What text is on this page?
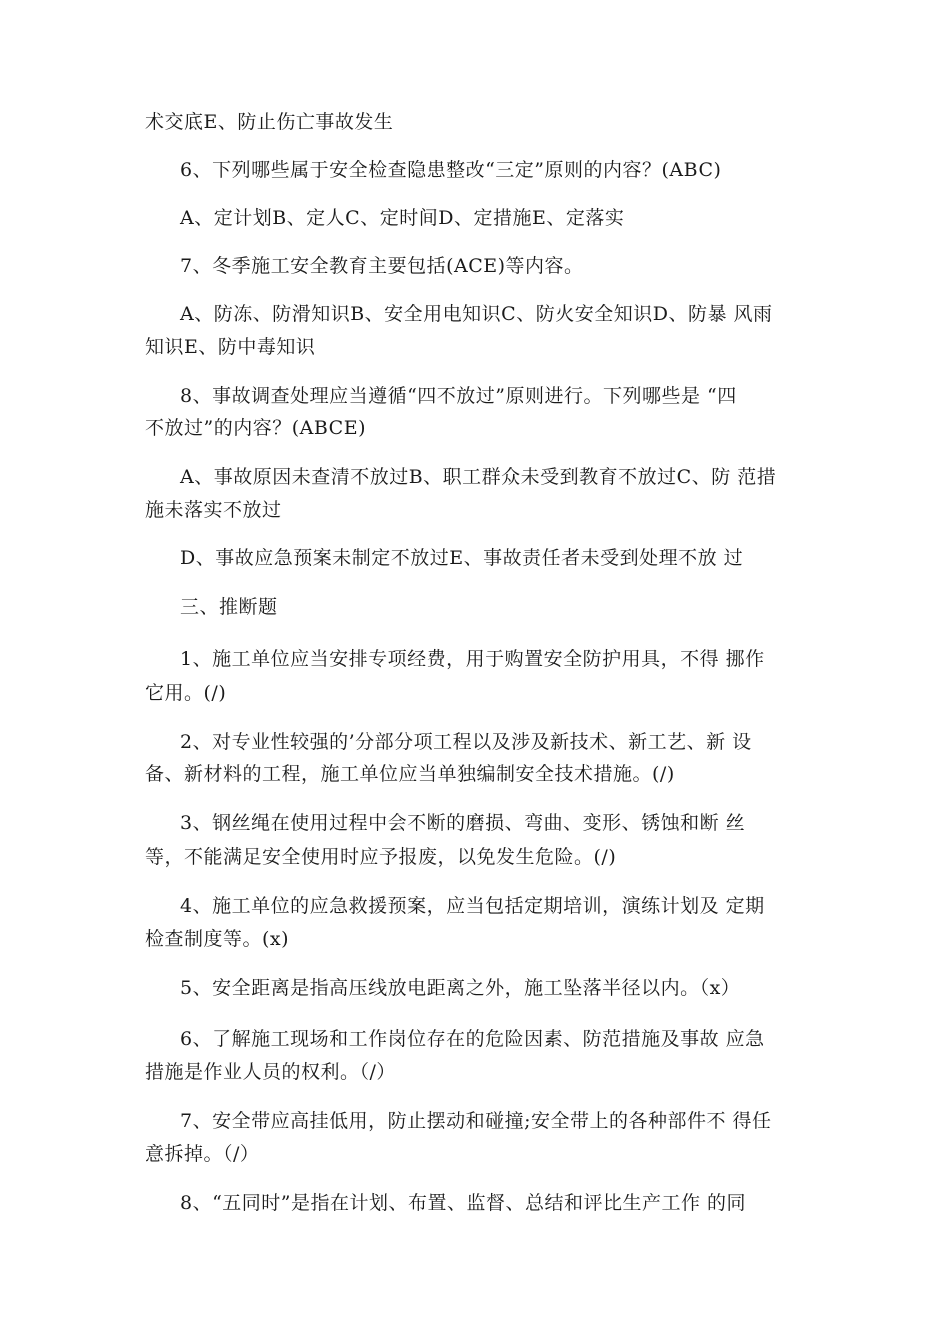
术交底E、防止伤亡事故发生
6、下列哪些属于安全检查隐患整改“三定”原则的内容？(ABC)
A、定计划B、定人C、定时间D、定措施E、定落实
7、冬季施工安全教育主要包括(ACE)等内容。
A、防冻、防滑知识B、安全用电知识C、防火安全知识D、防暴 风雨
知识E、防中毒知识
8、事故调查处理应当遵循“四不放过”原则进行。下列哪些是 “四
不放过”的内容？(ABCE)
A、事故原因未查清不放过B、职工群众未受到教育不放过C、防 范措
施未落实不放过
D、事故应急预案未制定不放过E、事故责任者未受到处理不放 过
三、推断题
1、施工单位应当安排专项经费，用于购置安全防护用具，不得 挪作
它用。(/)
2、对专业性较强的’分部分项工程以及涉及新技术、新工艺、新 设
备、新材料的工程，施工单位应当单独编制安全技术措施。(/)
3、钢丝绳在使用过程中会不断的磨损、弯曲、变形、锈蚀和断 丝
等，不能满足安全使用时应予报废，以免发生危险。(/)
4、施工单位的应急救援预案，应当包括定期培训，演练计划及 定期
检查制度等。(x)
5、安全距离是指高压线放电距离之外，施工坠落半径以内。（x）
6、了解施工现场和工作岗位存在的危险因素、防范措施及事故 应急
措施是作业人员的权利。（/）
7、安全带应高挂低用，防止摆动和碰撞;安全带上的各种部件不 得任
意拆掉。（/）
8、“五同时”是指在计划、布置、监督、总结和评比生产工作 的同
